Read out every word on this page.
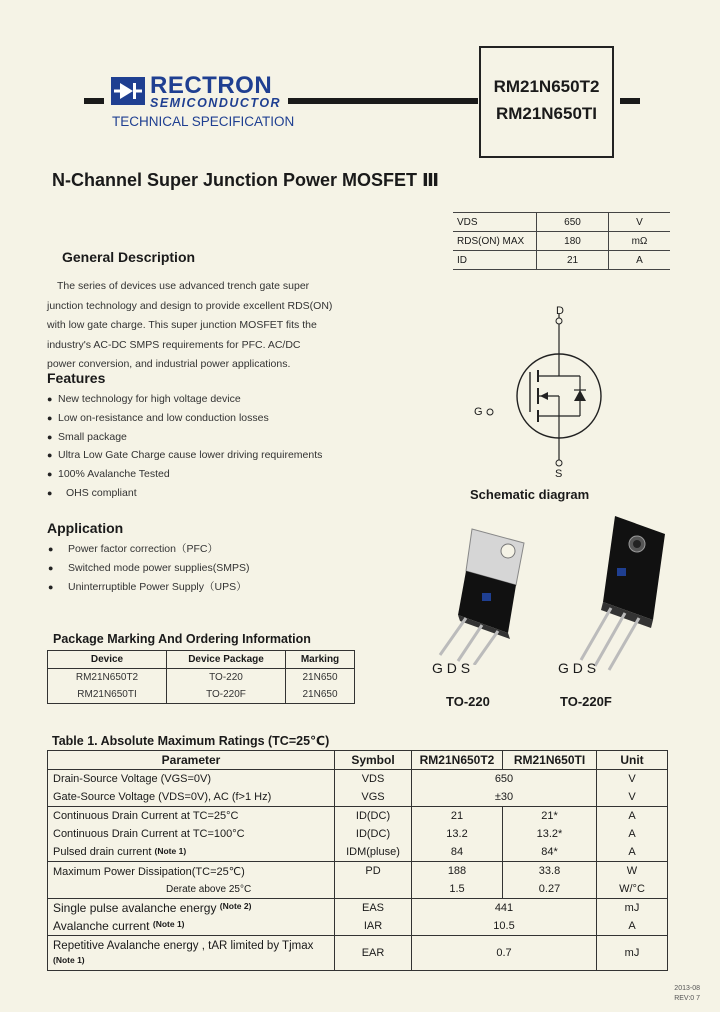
RECTRON
SEMICONDUCTOR
TECHNICAL SPECIFICATION
RM21N650T2
RM21N650TI
N-Channel Super Junction Power MOSFET Ⅲ
VDS	650	V
RDS(ON) MAX	180	mΩ
ID	21	A
General Description
The series of devices use advanced trench gate super
junction technology and design to provide excellent RDS(ON)
with low gate charge. This super junction MOSFET fits the
industry's AC-DC SMPS requirements for PFC. AC/DC
power conversion, and industrial power applications.
Features
● New technology for high voltage device
● Low on-resistance and low conduction losses
● Small package
● Ultra Low Gate Charge cause lower driving requirements
● 100% Avalanche Tested
● OHS compliant
Application
● Power factor correction（PFC）
● Switched mode power supplies(SMPS)
● Uninterruptible Power Supply（UPS）
D
G
S
Schematic diagram
G D S
TO-220
G D S
TO-220F
Package Marking And Ordering Information
Device	Device Package	Marking
RM21N650T2	TO-220	21N650
RM21N650TI	TO-220F	21N650
Table 1. Absolute Maximum Ratings (TC=25℃)
Parameter	Symbol	RM21N650T2	RM21N650TI	Unit
Drain-Source Voltage (VGS=0V)	VDS	650		V
Gate-Source Voltage (VDS=0V), AC (f>1 Hz)	VGS	±30		V
Continuous Drain Current at TC=25°C	ID(DC)	21	21*	A
Continuous Drain Current at TC=100°C	ID(DC)	13.2	13.2*	A
Pulsed drain current $^{(Note 1)}$	IDM(pluse)	84	84*	A
Maximum Power Dissipation(TC=25℃)	PD	188	33.8	W
Derate above 25°C		1.5	0.27	W/°C
Single pulse avalanche energy $^{(Note 2)}$	EAS	441		mJ
Avalanche current $^{(Note 1)}$	IAR	10.5		A
Repetitive Avalanche energy , tAR limited by Tjmax
$^{(Note 1)}$	EAR	0.7		mJ
2013-08
REV:0 7
